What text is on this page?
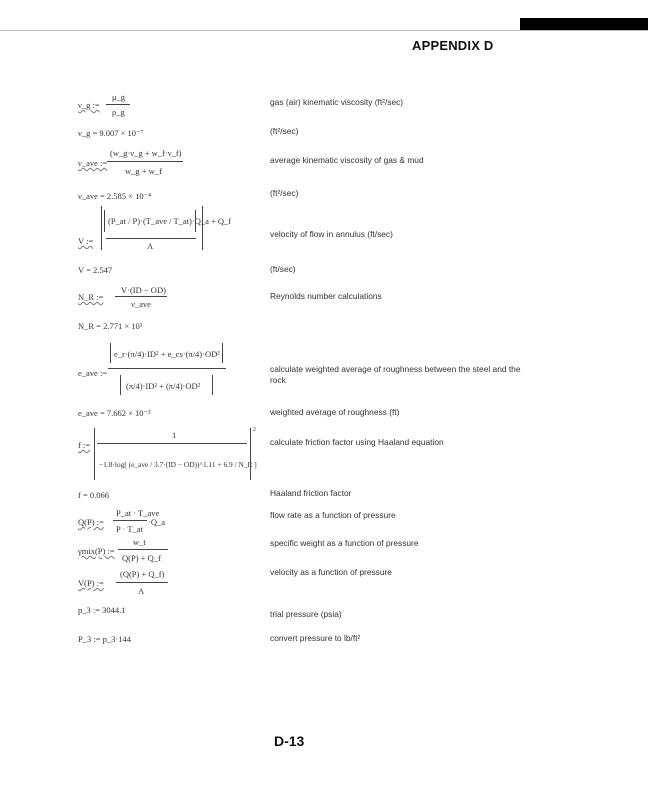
APPENDIX D
gas (air) kinematic viscosity (ft²/sec)
(ft²/sec)
average kinematic viscosity of gas & mud
(ft²/sec)
velocity of flow in annulus (ft/sec)
(ft/sec)
Reynolds number calculations
calculate weighted average of roughness between the steel and the rock
weighted average of roughness (ft)
calculate friction factor using Haaland equation
Haaland friction factor
flow rate as a function of pressure
specific weight as a function of pressure
velocity as a function of pressure
trial pressure (psia)
convert pressure to lb/ft²
ν_g :=
μ_g
ρ_g
ν_g = 9.007 × 10⁻⁷
ν_ave :=
(w_g·ν_g + w_f·ν_f)
w_g + w_f
ν_ave = 2.585 × 10⁻⁴
V :=
(P_at / P)·(T_ave / T_at)·Q_a + Q_f
A
V = 2.547
N_R :=
V·(ID − OD)
ν_ave
N_R = 2.771 × 10³
e_ave :=
e_r·(π/4)·ID² + e_cs·(π/4)·OD²
(π/4)·ID² + (π/4)·OD²
e_ave = 7.662 × 10⁻³
f :=
1
−1.8·log[ (e_ave / 3.7·(ID − OD))^1.11 + 6.9 / N_R ]
2
f = 0.066
Q(P) :=
P_at · T_ave
P · T_at
·Q_a
γmix(P) :=
w_t
Q(P) + Q_f
V(P) :=
(Q(P) + Q_f)
A
p_3 := 3044.1
P_3 := p_3·144
D-13
